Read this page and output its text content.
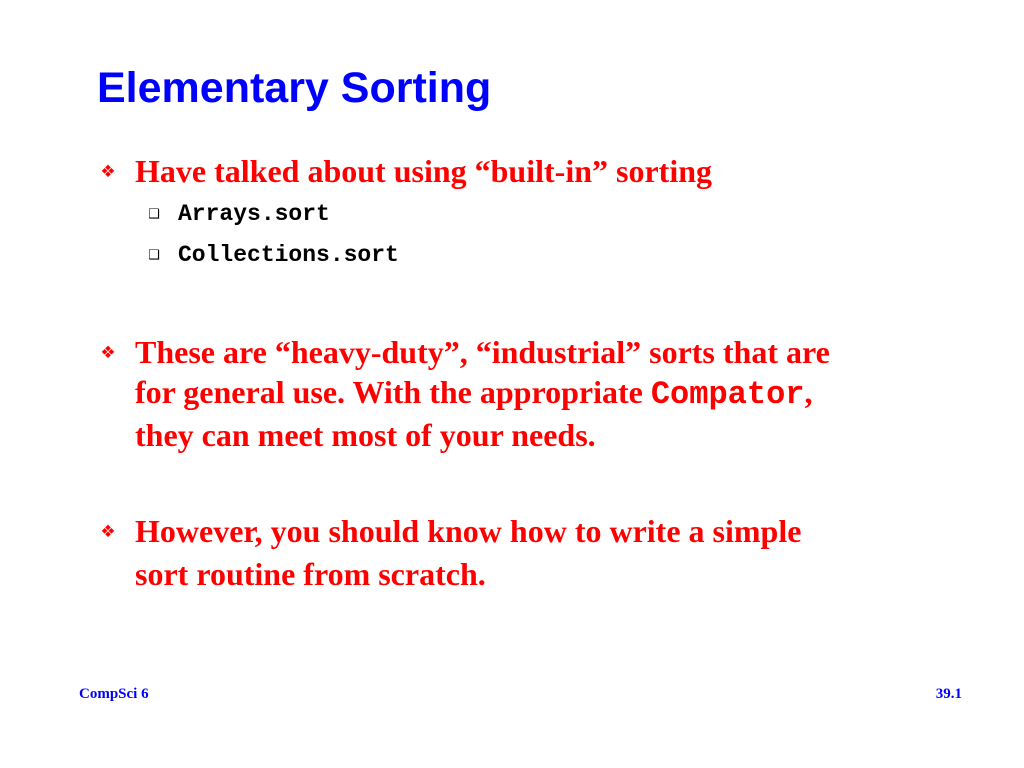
Elementary Sorting
❖ Have talked about using “built-in” sorting
❑ Arrays.sort
❑ Collections.sort
❖ These are “heavy-duty”, “industrial” sorts that are
for general use. With the appropriate Compator,
they can meet most of your needs.
❖ However, you should know how to write a simple
sort routine from scratch.
CompSci 6	39.1
